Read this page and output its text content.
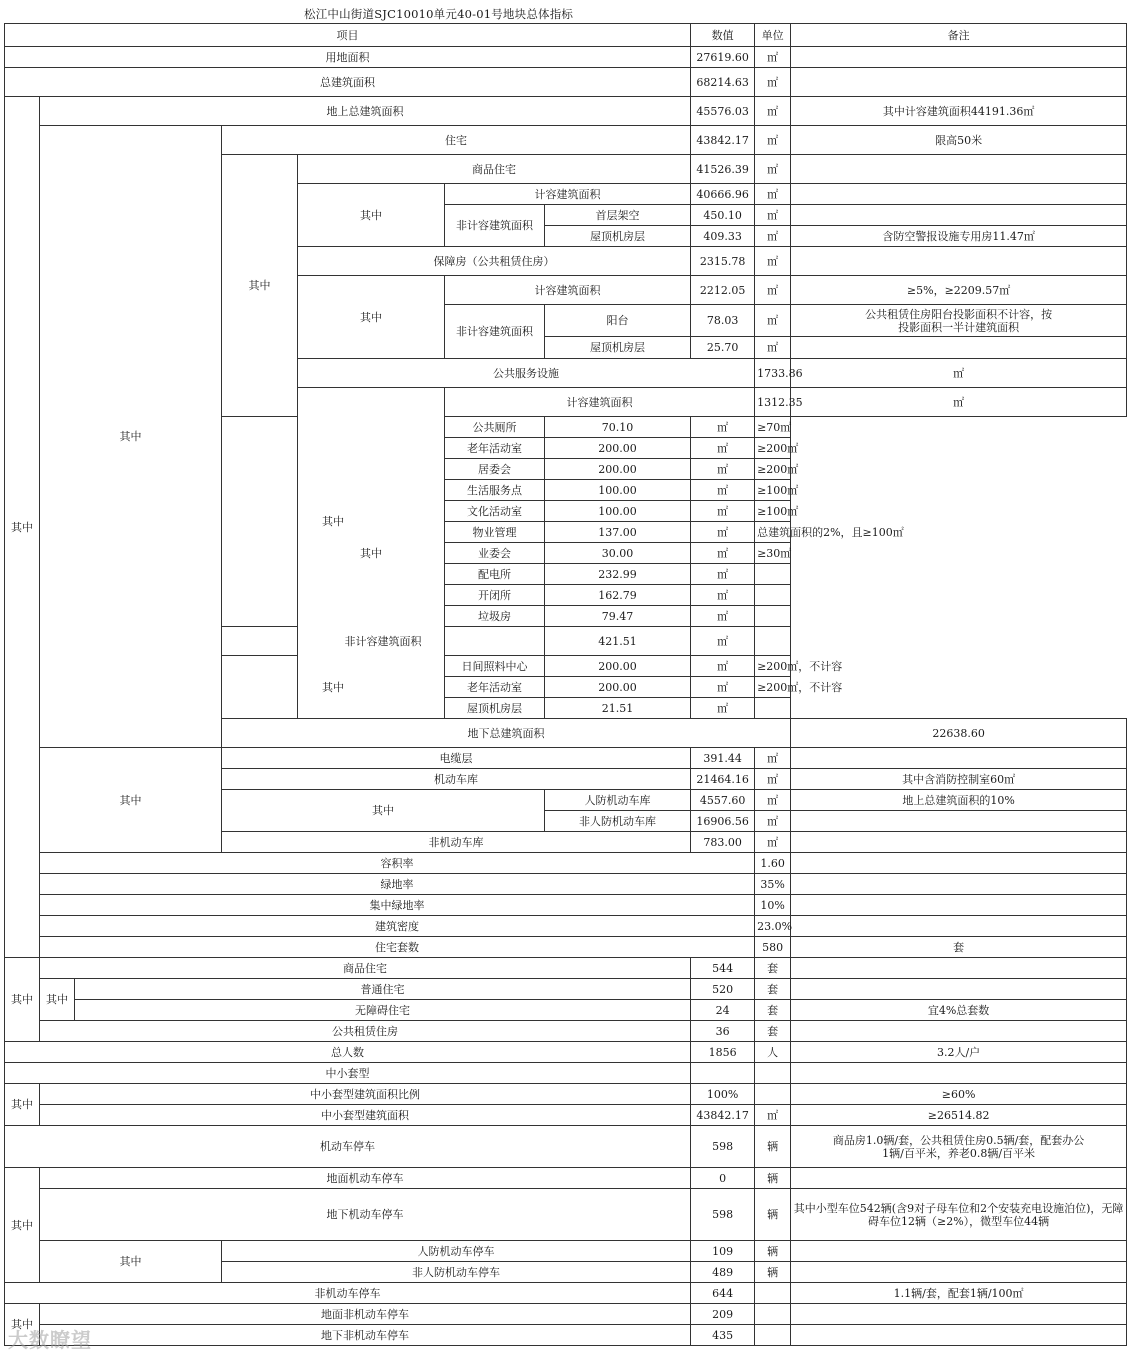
松江中山街道SJC10010单元40-01号地块总体指标
项目							数值	单位	备注	
用地面积							27619.60	㎡		
总建筑面积							68214.63	㎡		
其中	地上总建筑面积						45576.03	㎡	其中计容建筑面积44191.36㎡	
	其中		住宅				43842.17	㎡	限高50米	
			其中	商品住宅			41526.39	㎡		
				其中	计容建筑面积		40666.96	㎡		
					非计容建筑面积	首层架空	450.10	㎡		
						屋顶机房层	409.33	㎡	含防空警报设施专用房11.47㎡	
				保障房（公共租赁住房）			2315.78	㎡		
				其中	计容建筑面积		2212.05	㎡	≥5%，≥2209.57㎡	
					非计容建筑面积	阳台	78.03	㎡	公共租赁住房阳台投影面积不计容，按投影面积一半计建筑面积	
						屋顶机房层	25.70	㎡		
				公共服务设施				1733.86	㎡	
				其中	计容建筑面积			1312.35	㎡	
			其中		公共厕所	70.10	㎡	≥70㎡		
					老年活动室	200.00	㎡	≥200㎡		
					居委会	200.00	㎡	≥200㎡		
					生活服务点	100.00	㎡	≥100㎡		
					文化活动室	100.00	㎡	≥100㎡		
					物业管理	137.00	㎡	总建筑面积的2%，且≥100㎡		
					业委会	30.00	㎡	≥30㎡		
					配电所	232.99	㎡			
					开闭所	162.79	㎡			
					垃圾房	79.47	㎡			
			非计容建筑面积			421.51	㎡			
			其中		日间照料中心	200.00	㎡	≥200㎡，不计容		
					老年活动室	200.00	㎡	≥200㎡，不计容		
					屋顶机房层	21.51	㎡			
			地下总建筑面积						22638.60		
	其中		电缆层				391.44	㎡		
			机动车库				21464.16	㎡	其中含消防控制室60㎡	
			其中			人防机动车库	4557.60	㎡	地上总建筑面积的10%	
						非人防机动车库	16906.56	㎡		
			非机动车库				783.00	㎡		
	容积率							1.60		
	绿地率							35%		
	集中绿地率							10%		
	建筑密度							23.0%		
	住宅套数							580	套	
其中	商品住宅						544	套		
	其中	普通住宅					520	套		
		无障碍住宅					24	套	宜4%总套数	
	公共租赁住房						36	套		
总人数							1856	人	3.2人/户	
中小套型										
其中	中小套型建筑面积比例						100%		≥60%	
	中小套型建筑面积						43842.17	㎡	≥26514.82	
机动车停车							598	辆	商品房1.0辆/套，公共租赁住房0.5辆/套，配套办公1辆/百平米，养老0.8辆/百平米	
其中	地面机动车停车						0	辆		
	地下机动车停车						598	辆	其中小型车位542辆(含9对子母车位和2个安装充电设施泊位)，无障碍车位12辆（≥2%），微型车位44辆	
	其中		人防机动车停车				109	辆		
			非人防机动车停车				489	辆		
非机动车停车							644		1.1辆/套，配套1辆/100㎡	
其中	地面非机动车停车						209			
	地下非机动车停车						435			
大数瞭望
